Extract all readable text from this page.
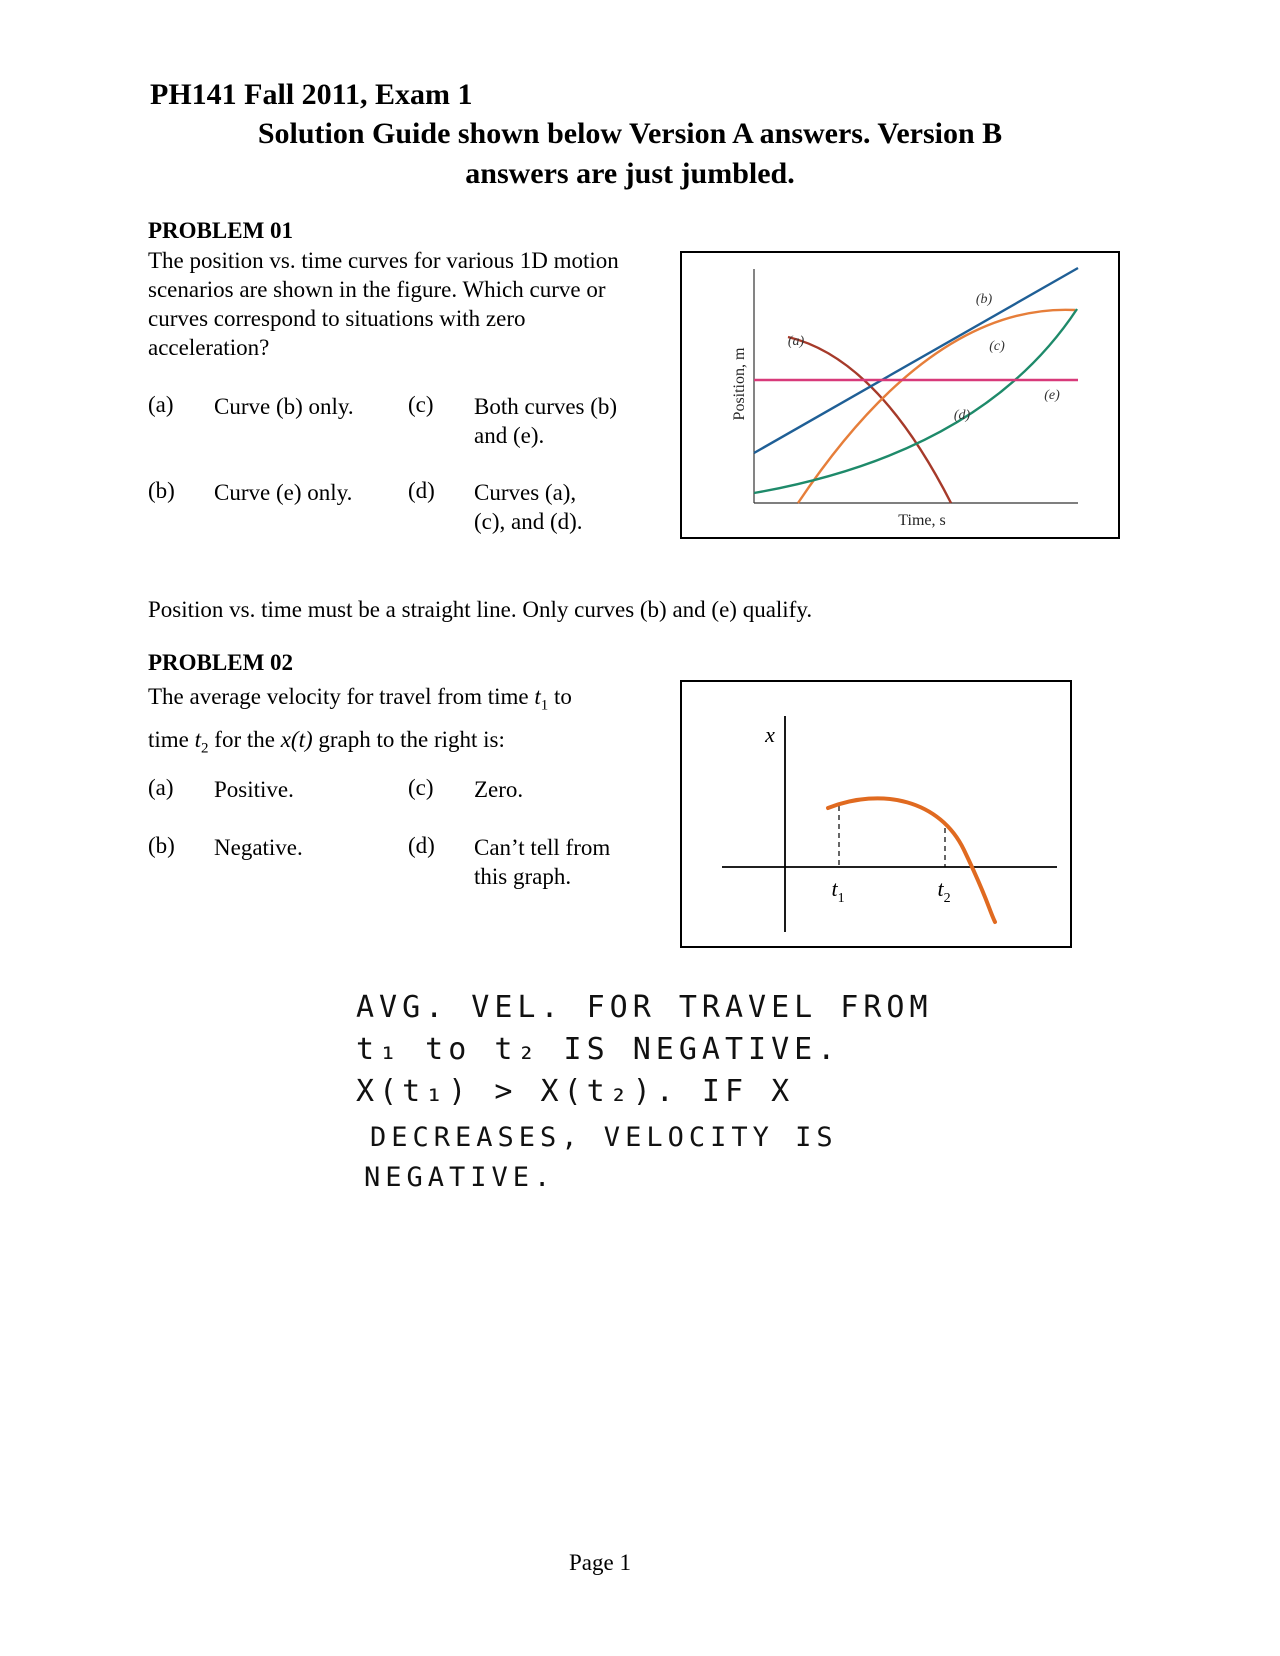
PH141 Fall 2011, Exam 1
Solution Guide shown below Version A answers. Version B
answers are just jumbled.
PROBLEM 01
The position vs. time curves for various 1D motion
scenarios are shown in the figure. Which curve or
curves correspond to situations with zero
acceleration?
(a) Curve (b) only. (c) Both curves (b)
and (e).
(b) Curve (e) only. (d) Curves (a),
(c), and (d).
Position, m
Time, s
(a)
(b)
(c)
(d)
(e)
Position vs. time must be a straight line. Only curves (b) and (e) qualify.
PROBLEM 02
The average velocity for travel from time $t_1$ to
time $t_2$ for the x(t) graph to the right is:
(a) Positive.	(c) Zero.
(b) Negative.	(d) Can’t tell from
this graph.
x
$t_1$	$t_2$
AVG. VEL. FOR TRAVEL FROM
t₁ to t₂ IS NEGATIVE.
X(t₁) > X(t₂). IF X
DECREASES, VELOCITY IS
NEGATIVE.
Page 1
